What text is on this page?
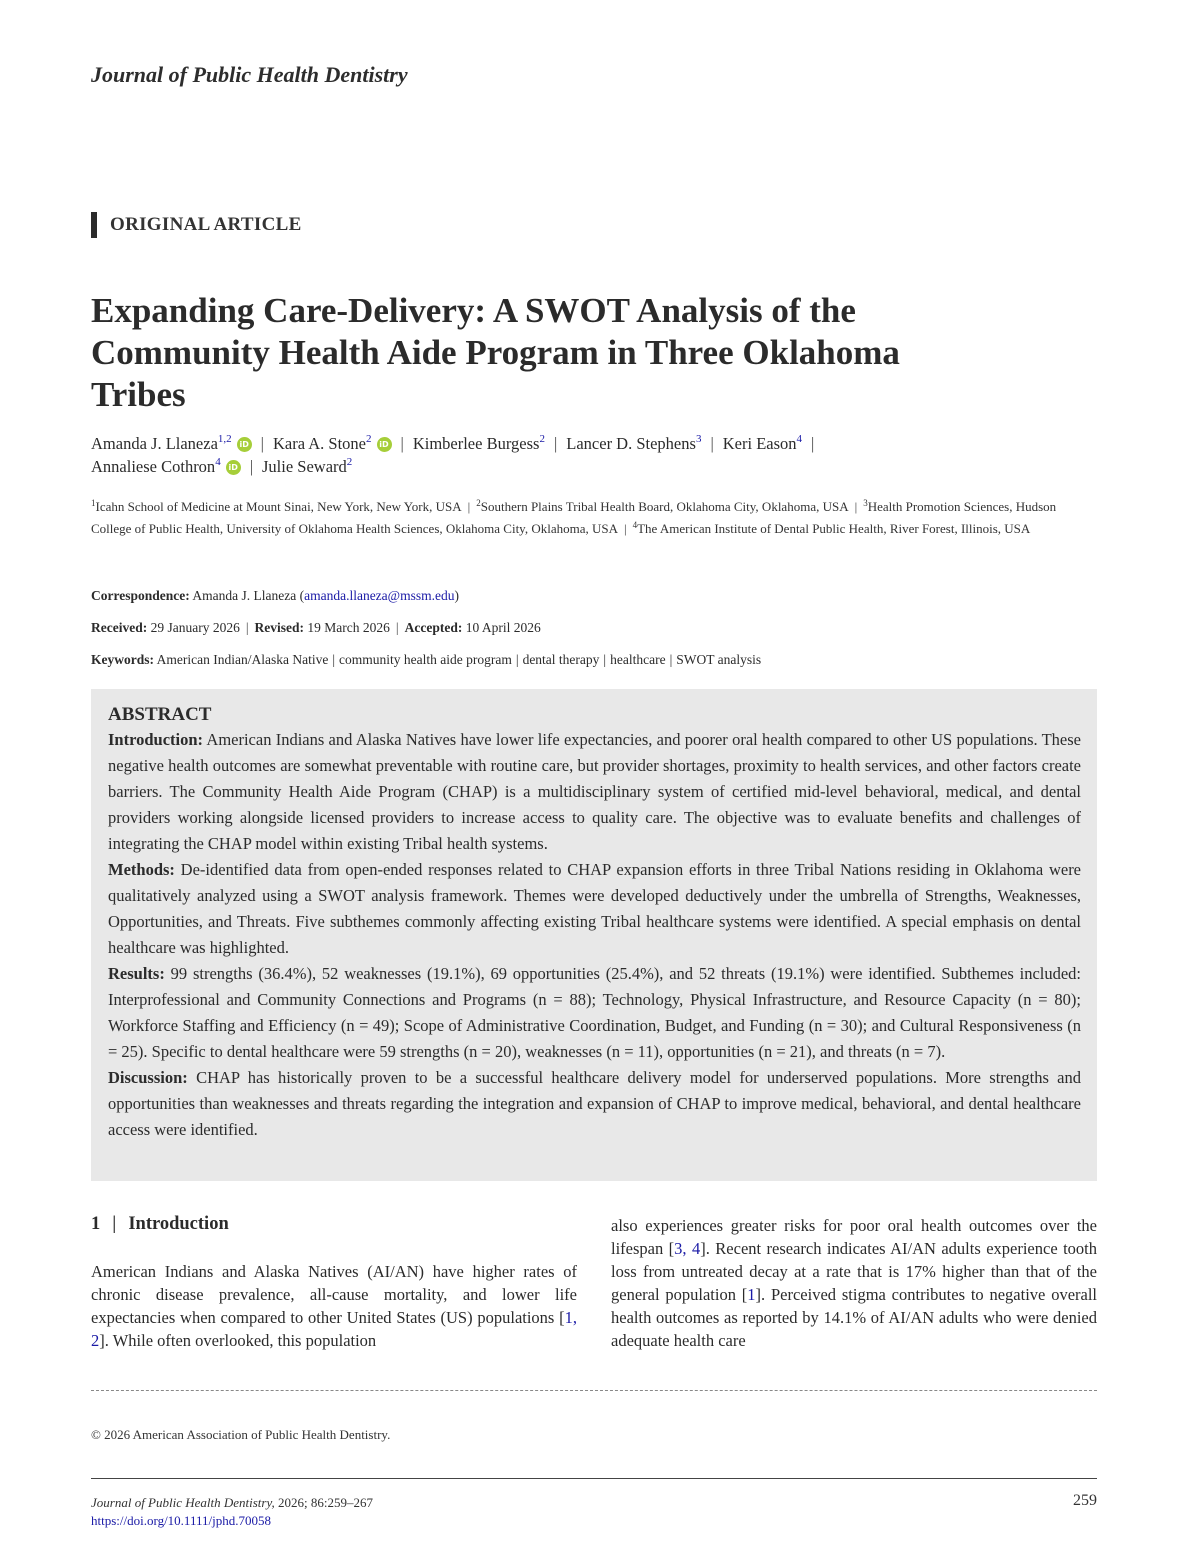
Journal of Public Health Dentistry
ORIGINAL ARTICLE
Expanding Care-Delivery: A SWOT Analysis of the Community Health Aide Program in Three Oklahoma Tribes
Amanda J. Llaneza$^{1,2}$ iD | Kara A. Stone$^2$ iD | Kimberlee Burgess$^2$ | Lancer D. Stephens$^3$ | Keri Eason$^4$ |
Annaliese Cothron$^4$ iD | Julie Seward$^2$
$^1$Icahn School of Medicine at Mount Sinai, New York, New York, USA | $^2$Southern Plains Tribal Health Board, Oklahoma City, Oklahoma, USA | $^3$Health Promotion Sciences, Hudson College of Public Health, University of Oklahoma Health Sciences, Oklahoma City, Oklahoma, USA | $^4$The American Institute of Dental Public Health, River Forest, Illinois, USA
Correspondence: Amanda J. Llaneza (amanda.llaneza@mssm.edu)
Received: 29 January 2026 | Revised: 19 March 2026 | Accepted: 10 April 2026
Keywords: American Indian/Alaska Native | community health aide program | dental therapy | healthcare | SWOT analysis
ABSTRACT

Introduction: American Indians and Alaska Natives have lower life expectancies, and poorer oral health compared to other US populations. These negative health outcomes are somewhat preventable with routine care, but provider shortages, proximity to health services, and other factors create barriers. The Community Health Aide Program (CHAP) is a multidisciplinary system of certified mid-level behavioral, medical, and dental providers working alongside licensed providers to increase access to quality care. The objective was to evaluate benefits and challenges of integrating the CHAP model within existing Tribal health systems.

Methods: De-identified data from open-ended responses related to CHAP expansion efforts in three Tribal Nations residing in Oklahoma were qualitatively analyzed using a SWOT analysis framework. Themes were developed deductively under the umbrella of Strengths, Weaknesses, Opportunities, and Threats. Five subthemes commonly affecting existing Tribal healthcare systems were identified. A special emphasis on dental healthcare was highlighted.

Results: 99 strengths (36.4%), 52 weaknesses (19.1%), 69 opportunities (25.4%), and 52 threats (19.1%) were identified. Subthemes included: Interprofessional and Community Connections and Programs (n = 88); Technology, Physical Infrastructure, and Resource Capacity (n = 80); Workforce Staffing and Efficiency (n = 49); Scope of Administrative Coordination, Budget, and Funding (n = 30); and Cultural Responsiveness (n = 25). Specific to dental healthcare were 59 strengths (n = 20), weaknesses (n = 11), opportunities (n = 21), and threats (n = 7).

Discussion: CHAP has historically proven to be a successful healthcare delivery model for underserved populations. More strengths and opportunities than weaknesses and threats regarding the integration and expansion of CHAP to improve medical, behavioral, and dental healthcare access were identified.

1 | Introduction
American Indians and Alaska Natives (AI/AN) have higher rates of chronic disease prevalence, all-cause mortality, and lower life expectancies when compared to other United States (US) populations [1, 2]. While often overlooked, this population
also experiences greater risks for poor oral health outcomes over the lifespan [3, 4]. Recent research indicates AI/AN adults experience tooth loss from untreated decay at a rate that is 17% higher than that of the general population [1]. Perceived stigma contributes to negative overall health outcomes as reported by 14.1% of AI/AN adults who were denied adequate health care
© 2026 American Association of Public Health Dentistry.
Journal of Public Health Dentistry, 2026; 86:259–267
https://doi.org/10.1111/jphd.70058
259
